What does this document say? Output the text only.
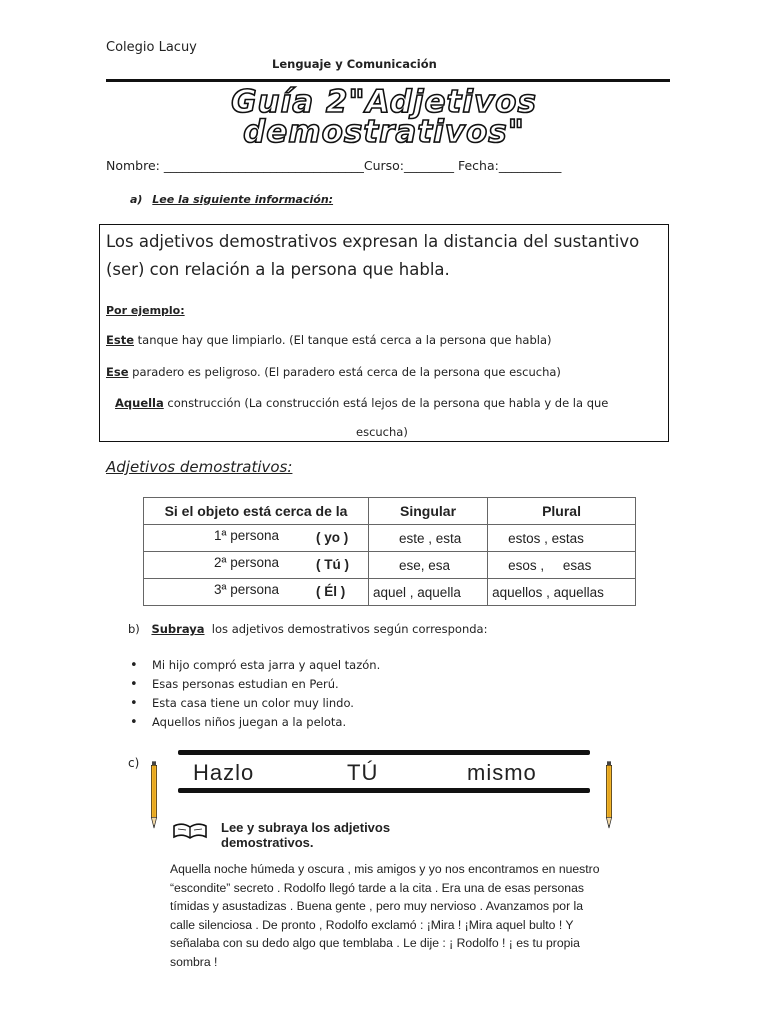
Colegio Lacuy
Lenguaje y Comunicación
Guía 2"Adjetivos
demostrativos"
Nombre: ________________________________Curso:________ Fecha:__________
a) Lee la siguiente información:
Los adjetivos demostrativos expresan la distancia del sustantivo (ser) con relación a la persona que habla.
Por ejemplo:
Este tanque hay que limpiarlo. (El tanque está cerca a la persona que habla)
Ese paradero es peligroso. (El paradero está cerca de la persona que escucha)
Aquella construcción (La construcción está lejos de la persona que habla y de la que
escucha)
Adjetivos demostrativos:
Si el objeto está cerca de la	Singular	Plural

1ª persona ( yo )	este , esta	estos , estas

2ª persona ( Tú )	ese, esa	esos ,     esas

3ª persona ( Él )	aquel , aquella	aquellos , aquellas
b) Subraya  los adjetivos demostrativos según corresponda:
• Mi hijo compró esta jarra y aquel tazón.
• Esas personas estudian en Perú.
• Esta casa tiene un color muy lindo.
• Aquellos niños juegan a la pelota.
c) Hazlo	TÚ	mismo
Lee y subraya los adjetivos demostrativos.
Aquella noche húmeda y oscura , mis amigos y yo nos encontramos en nuestro “escondite” secreto . Rodolfo llegó tarde a la cita . Era una de esas personas tímidas y asustadizas . Buena gente , pero muy nervioso . Avanzamos por la calle silenciosa . De pronto , Rodolfo exclamó : ¡Mira ! ¡Mira aquel bulto ! Y señalaba con su dedo algo que temblaba . Le dije : ¡ Rodolfo ! ¡ es tu propia sombra !
